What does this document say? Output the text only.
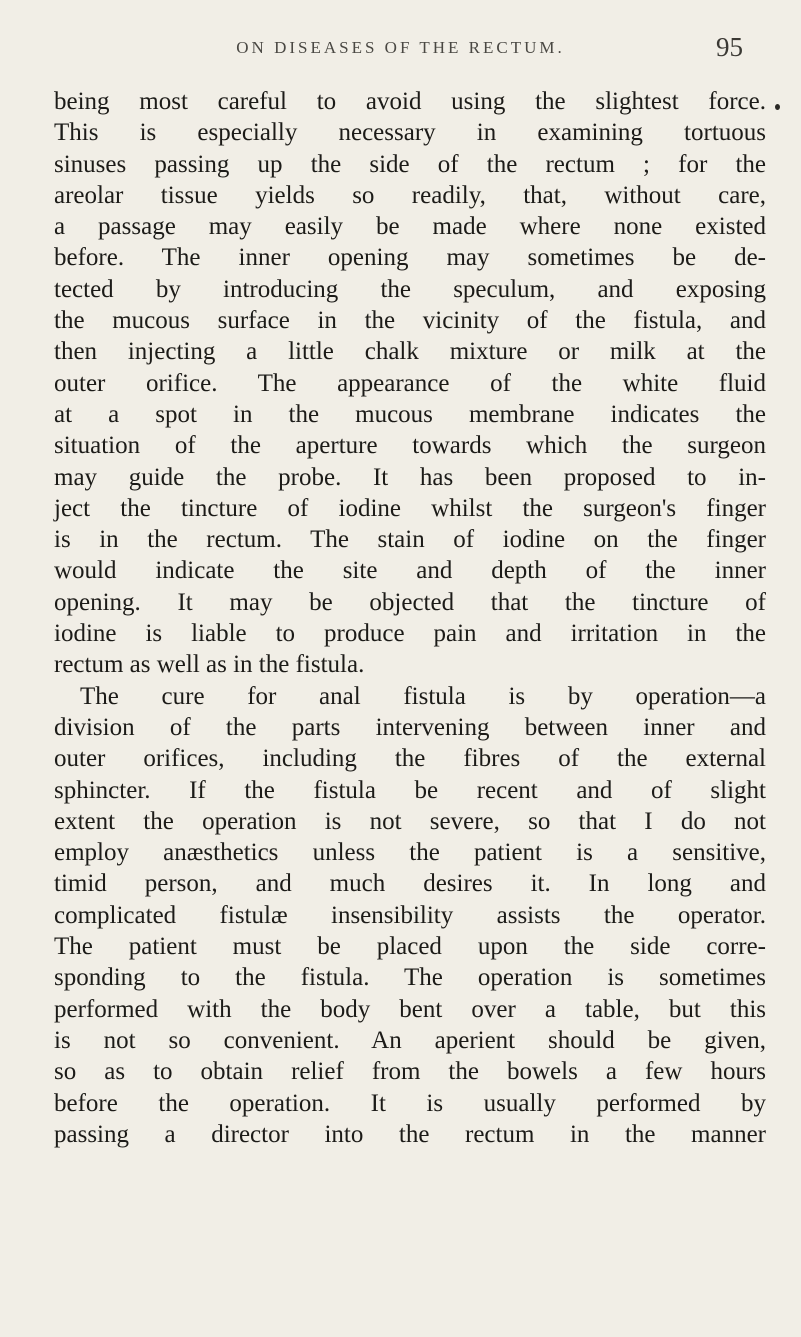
ON DISEASES OF THE RECTUM.	95
being most careful to avoid using the slightest force.
This is especially necessary in examining tortuous
sinuses passing up the side of the rectum ; for the
areolar tissue yields so readily, that, without care,
a passage may easily be made where none existed
before. The inner opening may sometimes be de-
tected by introducing the speculum, and exposing
the mucous surface in the vicinity of the fistula, and
then injecting a little chalk mixture or milk at the
outer orifice. The appearance of the white fluid
at a spot in the mucous membrane indicates the
situation of the aperture towards which the surgeon
may guide the probe. It has been proposed to in-
ject the tincture of iodine whilst the surgeon's finger
is in the rectum. The stain of iodine on the finger
would indicate the site and depth of the inner
opening. It may be objected that the tincture of
iodine is liable to produce pain and irritation in the
rectum as well as in the fistula.
The cure for anal fistula is by operation—a
division of the parts intervening between inner and
outer orifices, including the fibres of the external
sphincter. If the fistula be recent and of slight
extent the operation is not severe, so that I do not
employ anæsthetics unless the patient is a sensitive,
timid person, and much desires it. In long and
complicated fistulæ insensibility assists the operator.
The patient must be placed upon the side corre-
sponding to the fistula. The operation is sometimes
performed with the body bent over a table, but this
is not so convenient. An aperient should be given,
so as to obtain relief from the bowels a few hours
before the operation. It is usually performed by
passing a director into the rectum in the manner
